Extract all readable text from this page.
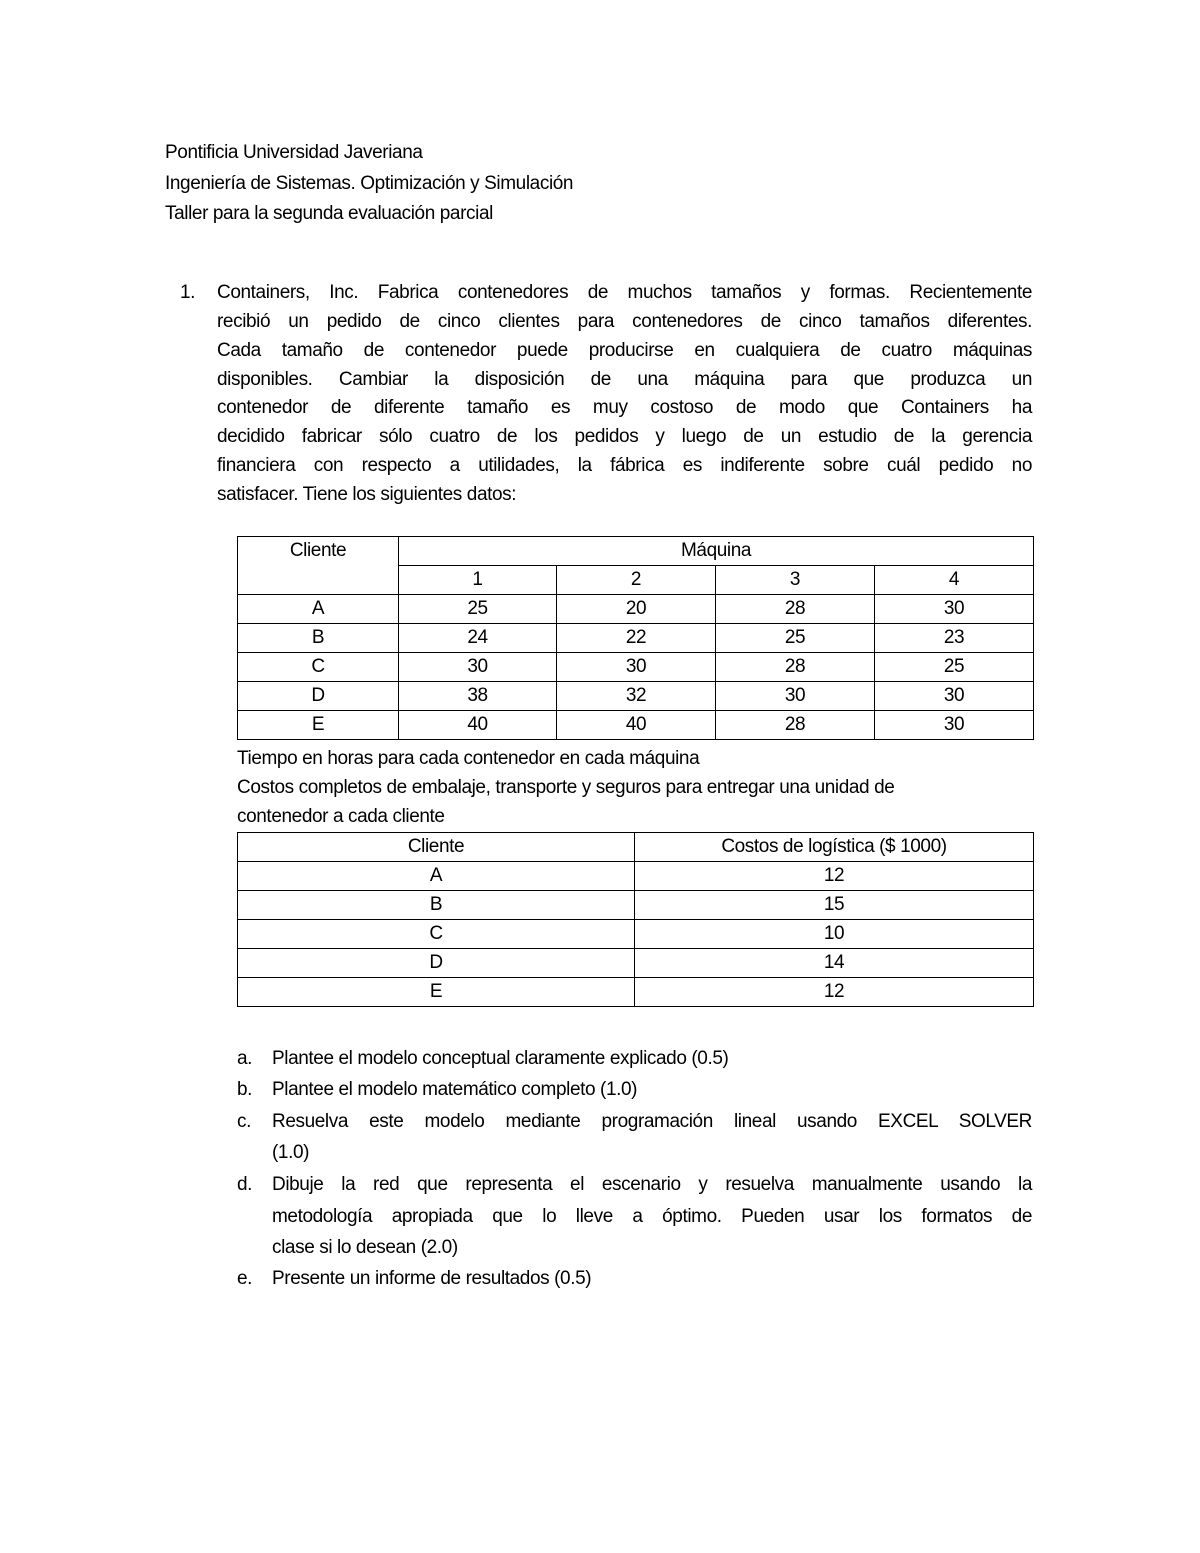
Pontificia Universidad Javeriana
Ingeniería de Sistemas. Optimización y Simulación
Taller para la segunda evaluación parcial
1. Containers, Inc. Fabrica contenedores de muchos tamaños y formas. Recientemente
recibió un pedido de cinco clientes para contenedores de cinco tamaños diferentes.
Cada tamaño de contenedor puede producirse en cualquiera de cuatro máquinas
disponibles. Cambiar la disposición de una máquina para que produzca un
contenedor de diferente tamaño es muy costoso de modo que Containers ha
decidido fabricar sólo cuatro de los pedidos y luego de un estudio de la gerencia
financiera con respecto a utilidades, la fábrica es indiferente sobre cuál pedido no
satisfacer. Tiene los siguientes datos:
Cliente	Máquina			
	1	2	3	4
A	25	20	28	30
B	24	22	25	23
C	30	30	28	25
D	38	32	30	30
E	40	40	28	30
Tiempo en horas para cada contenedor en cada máquina
Costos completos de embalaje, transporte y seguros para entregar una unidad de
contenedor a cada cliente
Cliente	Costos de logística ($ 1000)
A	12
B	15
C	10
D	14
E	12
a. Plantee el modelo conceptual claramente explicado (0.5)
b. Plantee el modelo matemático completo (1.0)
c. Resuelva este modelo mediante programación lineal usando EXCEL SOLVER
(1.0)
d. Dibuje la red que representa el escenario y resuelva manualmente usando la
metodología apropiada que lo lleve a óptimo. Pueden usar los formatos de
clase si lo desean (2.0)
e. Presente un informe de resultados (0.5)
